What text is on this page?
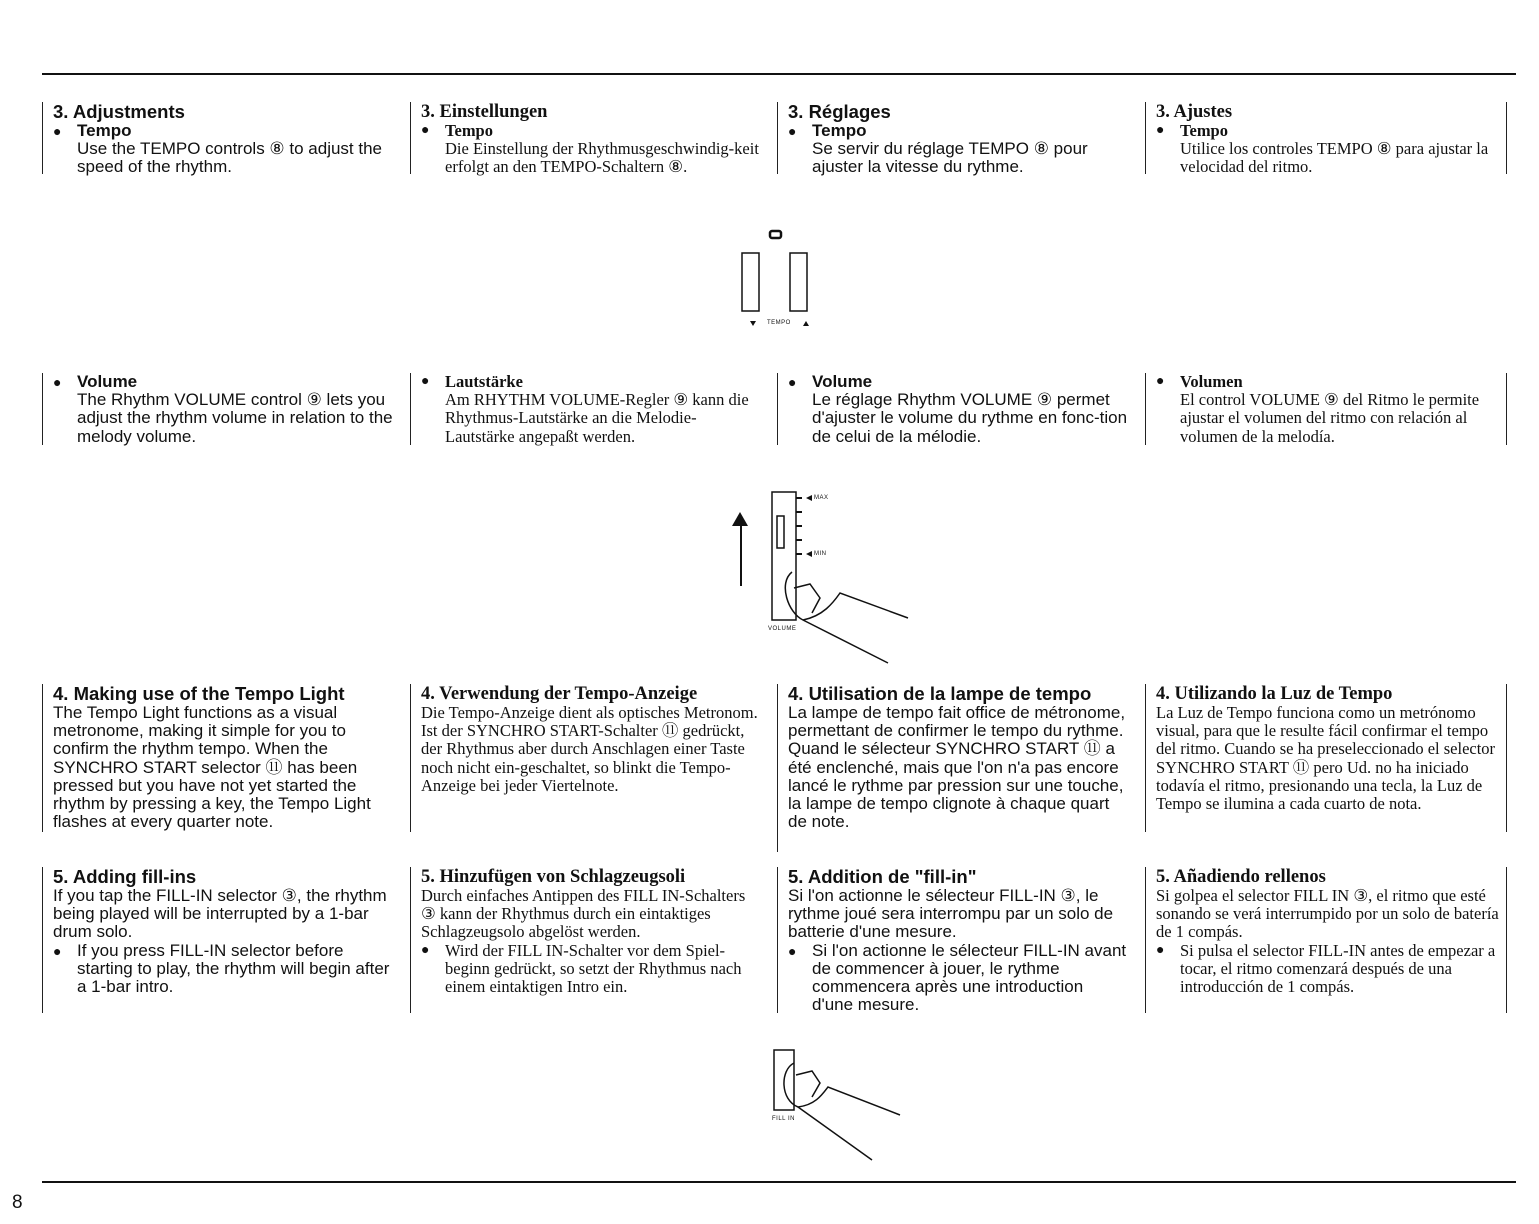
3. Adjustments

● Tempo

Use the TEMPO controls ⑧ to adjust the speed of the rhythm.

3. Einstellungen

● Tempo

Die Einstellung der Rhythmusgeschwindig-keit erfolgt an den TEMPO-Schaltern ⑧.

3. Réglages

● Tempo

Se servir du réglage TEMPO ⑧ pour ajuster la vitesse du rythme.

3. Ajustes

● Tempo

Utilice los controles TEMPO ⑧ para ajustar la velocidad del ritmo.

TEMPO

● Volume

The Rhythm VOLUME control ⑨ lets you adjust the rhythm volume in relation to the melody volume.

● Lautstärke

Am RHYTHM VOLUME-Regler ⑨ kann die Rhythmus-Lautstärke an die Melodie-Lautstärke angepaßt werden.

● Volume

Le réglage Rhythm VOLUME ⑨ permet d'ajuster le volume du rythme en fonc-tion de celui de la mélodie.

● Volumen

El control VOLUME ⑨ del Ritmo le permite ajustar el volumen del ritmo con relación al volumen de la melodía.

MAX
MIN
VOLUME
4. Making use of the Tempo Light

The Tempo Light functions as a visual metronome, making it simple for you to confirm the rhythm tempo. When the SYNCHRO START selector ⑪ has been pressed but you have not yet started the rhythm by pressing a key, the Tempo Light flashes at every quarter note.

4. Verwendung der Tempo-Anzeige

Die Tempo-Anzeige dient als optisches Metronom. Ist der SYNCHRO START-Schalter ⑪ gedrückt, der Rhythmus aber durch Anschlagen einer Taste noch nicht ein-geschaltet, so blinkt die Tempo-Anzeige bei jeder Viertelnote.

4. Utilisation de la lampe de tempo

La lampe de tempo fait office de métronome, permettant de confirmer le tempo du rythme. Quand le sélecteur SYNCHRO START ⑪ a été enclenché, mais que l'on n'a pas encore lancé le rythme par pression sur une touche, la lampe de tempo clignote à chaque quart de note.

4. Utilizando la Luz de Tempo

La Luz de Tempo funciona como un metrónomo visual, para que le resulte fácil confirmar el tempo del ritmo. Cuando se ha preseleccionado el selector SYNCHRO START ⑪ pero Ud. no ha iniciado todavía el ritmo, presionando una tecla, la Luz de Tempo se ilumina a cada cuarto de nota.

5. Adding fill-ins

If you tap the FILL-IN selector ③, the rhythm being played will be interrupted by a 1-bar drum solo.

● If you press FILL-IN selector before starting to play, the rhythm will begin after a 1-bar intro.

5. Hinzufügen von Schlagzeugsoli

Durch einfaches Antippen des FILL IN-Schalters ③ kann der Rhythmus durch ein eintaktiges Schlagzeugsolo abgelöst werden.

● Wird der FILL IN-Schalter vor dem Spiel-beginn gedrückt, so setzt der Rhythmus nach einem eintaktigen Intro ein.

5. Addition de "fill-in"

Si l'on actionne le sélecteur FILL-IN ③, le rythme joué sera interrompu par un solo de batterie d'une mesure.

● Si l'on actionne le sélecteur FILL-IN avant de commencer à jouer, le rythme commencera après une introduction d'une mesure.

5. Añadiendo rellenos

Si golpea el selector FILL IN ③, el ritmo que esté sonando se verá interrumpido por un solo de batería de 1 compás.

● Si pulsa el selector FILL-IN antes de empezar a tocar, el ritmo comenzará después de una introducción de 1 compás.

FILL IN
8
